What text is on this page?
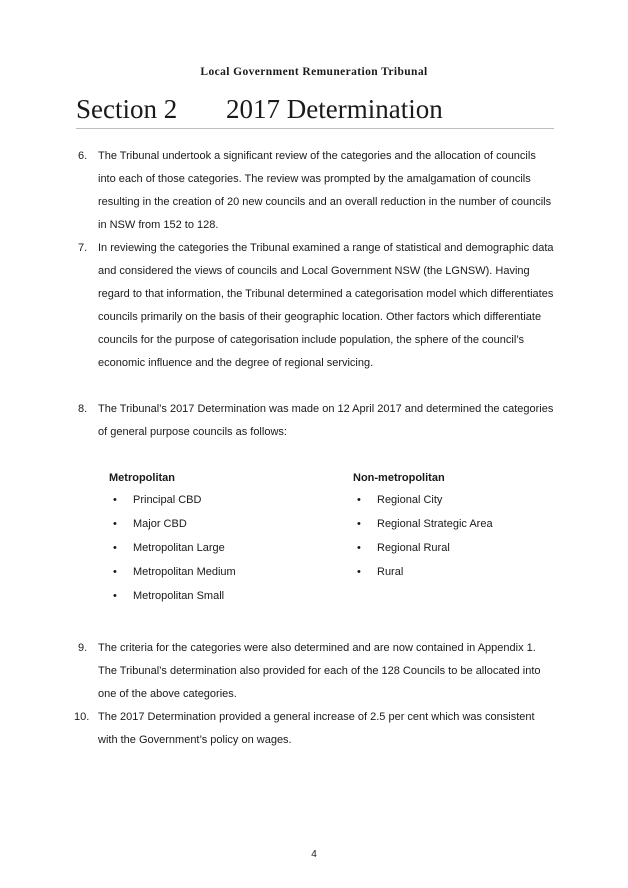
Local Government Remuneration Tribunal
Section 2 2017 Determination
6. The Tribunal undertook a significant review of the categories and the allocation of councils into each of those categories. The review was prompted by the amalgamation of councils resulting in the creation of 20 new councils and an overall reduction in the number of councils in NSW from 152 to 128.
7. In reviewing the categories the Tribunal examined a range of statistical and demographic data and considered the views of councils and Local Government NSW (the LGNSW). Having regard to that information, the Tribunal determined a categorisation model which differentiates councils primarily on the basis of their geographic location. Other factors which differentiate councils for the purpose of categorisation include population, the sphere of the council’s economic influence and the degree of regional servicing.
8. The Tribunal’s 2017 Determination was made on 12 April 2017 and determined the categories of general purpose councils as follows:
Metropolitan
• Principal CBD
• Major CBD
• Metropolitan Large
• Metropolitan Medium
• Metropolitan Small
Non-metropolitan
• Regional City
• Regional Strategic Area
• Regional Rural
• Rural
9. The criteria for the categories were also determined and are now contained in Appendix 1. The Tribunal’s determination also provided for each of the 128 Councils to be allocated into one of the above categories.
10. The 2017 Determination provided a general increase of 2.5 per cent which was consistent with the Government’s policy on wages.
4
